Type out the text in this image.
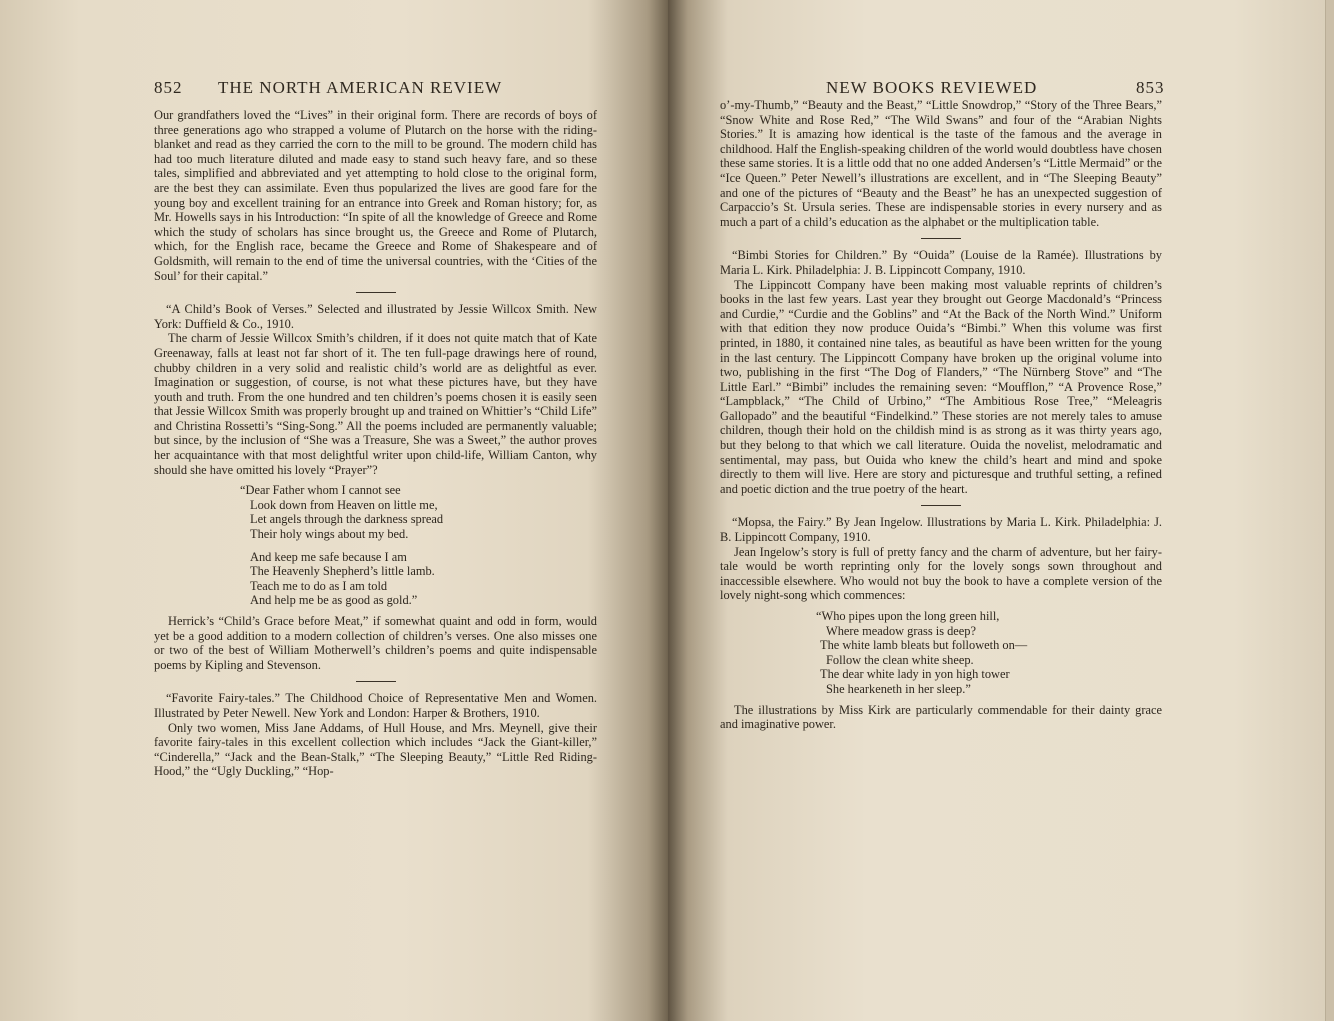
852 THE NORTH AMERICAN REVIEW

Our grandfathers loved the “Lives” in their original form. There are records of boys of three generations ago who strapped a volume of Plutarch on the horse with the riding-blanket and read as they carried the corn to the mill to be ground. The modern child has had too much literature diluted and made easy to stand such heavy fare, and so these tales, simplified and abbreviated and yet attempting to hold close to the original form, are the best they can assimilate. Even thus popularized the lives are good fare for the young boy and excellent training for an entrance into Greek and Roman history; for, as Mr. Howells says in his Introduction: “In spite of all the knowledge of Greece and Rome which the study of scholars has since brought us, the Greece and Rome of Plutarch, which, for the English race, became the Greece and Rome of Shakespeare and of Goldsmith, will remain to the end of time the universal countries, with the ‘Cities of the Soul’ for their capital.”

“A Child’s Book of Verses.” Selected and illustrated by Jessie Willcox Smith. New York: Duffield & Co., 1910.

The charm of Jessie Willcox Smith’s children, if it does not quite match that of Kate Greenaway, falls at least not far short of it. The ten full-page drawings here of round, chubby children in a very solid and realistic child’s world are as delightful as ever. Imagination or suggestion, of course, is not what these pictures have, but they have youth and truth. From the one hundred and ten children’s poems chosen it is easily seen that Jessie Willcox Smith was properly brought up and trained on Whittier’s “Child Life” and Christina Rossetti’s “Sing-Song.” All the poems included are permanently valuable; but since, by the inclusion of “She was a Treasure, She was a Sweet,” the author proves her acquaintance with that most delightful writer upon child-life, William Canton, why should she have omitted his lovely “Prayer”?

“Dear Father whom I cannot see
Look down from Heaven on little me,
Let angels through the darkness spread
Their holy wings about my bed.
And keep me safe because I am
The Heavenly Shepherd’s little lamb.
Teach me to do as I am told
And help me be as good as gold.”

Herrick’s “Child’s Grace before Meat,” if somewhat quaint and odd in form, would yet be a good addition to a modern collection of children’s verses. One also misses one or two of the best of William Motherwell’s children’s poems and quite indispensable poems by Kipling and Stevenson.

“Favorite Fairy-tales.” The Childhood Choice of Representative Men and Women. Illustrated by Peter Newell. New York and London: Harper & Brothers, 1910.

Only two women, Miss Jane Addams, of Hull House, and Mrs. Meynell, give their favorite fairy-tales in this excellent collection which includes “Jack the Giant-killer,” “Cinderella,” “Jack and the Bean-Stalk,” “The Sleeping Beauty,” “Little Red Riding-Hood,” the “Ugly Duckling,” “Hop-

NEW BOOKS REVIEWED	853

o’-my-Thumb,” “Beauty and the Beast,” “Little Snowdrop,” “Story of the Three Bears,” “Snow White and Rose Red,” “The Wild Swans” and four of the “Arabian Nights Stories.” It is amazing how identical is the taste of the famous and the average in childhood. Half the English-speaking children of the world would doubtless have chosen these same stories. It is a little odd that no one added Andersen’s “Little Mermaid” or the “Ice Queen.” Peter Newell’s illustrations are excellent, and in “The Sleeping Beauty” and one of the pictures of “Beauty and the Beast” he has an unexpected suggestion of Carpaccio’s St. Ursula series. These are indispensable stories in every nursery and as much a part of a child’s education as the alphabet or the multiplication table.

“Bimbi Stories for Children.” By “Ouida” (Louise de la Ramée). Illustrations by Maria L. Kirk. Philadelphia: J. B. Lippincott Company, 1910.

The Lippincott Company have been making most valuable reprints of children’s books in the last few years. Last year they brought out George Macdonald’s “Princess and Curdie,” “Curdie and the Goblins” and “At the Back of the North Wind.” Uniform with that edition they now produce Ouida’s “Bimbi.” When this volume was first printed, in 1880, it contained nine tales, as beautiful as have been written for the young in the last century. The Lippincott Company have broken up the original volume into two, publishing in the first “The Dog of Flanders,” “The Nürnberg Stove” and “The Little Earl.” “Bimbi” includes the remaining seven: “Moufflon,” “A Provence Rose,” “Lampblack,” “The Child of Urbino,” “The Ambitious Rose Tree,” “Meleagris Gallopado” and the beautiful “Findelkind.” These stories are not merely tales to amuse children, though their hold on the childish mind is as strong as it was thirty years ago, but they belong to that which we call literature. Ouida the novelist, melodramatic and sentimental, may pass, but Ouida who knew the child’s heart and mind and spoke directly to them will live. Here are story and picturesque and truthful setting, a refined and poetic diction and the true poetry of the heart.

“Mopsa, the Fairy.” By Jean Ingelow. Illustrations by Maria L. Kirk. Philadelphia: J. B. Lippincott Company, 1910.

Jean Ingelow’s story is full of pretty fancy and the charm of adventure, but her fairy-tale would be worth reprinting only for the lovely songs sown throughout and inaccessible elsewhere. Who would not buy the book to have a complete version of the lovely night-song which commences:

“Who pipes upon the long green hill,
Where meadow grass is deep?
The white lamb bleats but followeth on—
Follow the clean white sheep.
The dear white lady in yon high tower
She hearkeneth in her sleep.”

The illustrations by Miss Kirk are particularly commendable for their dainty grace and imaginative power.
